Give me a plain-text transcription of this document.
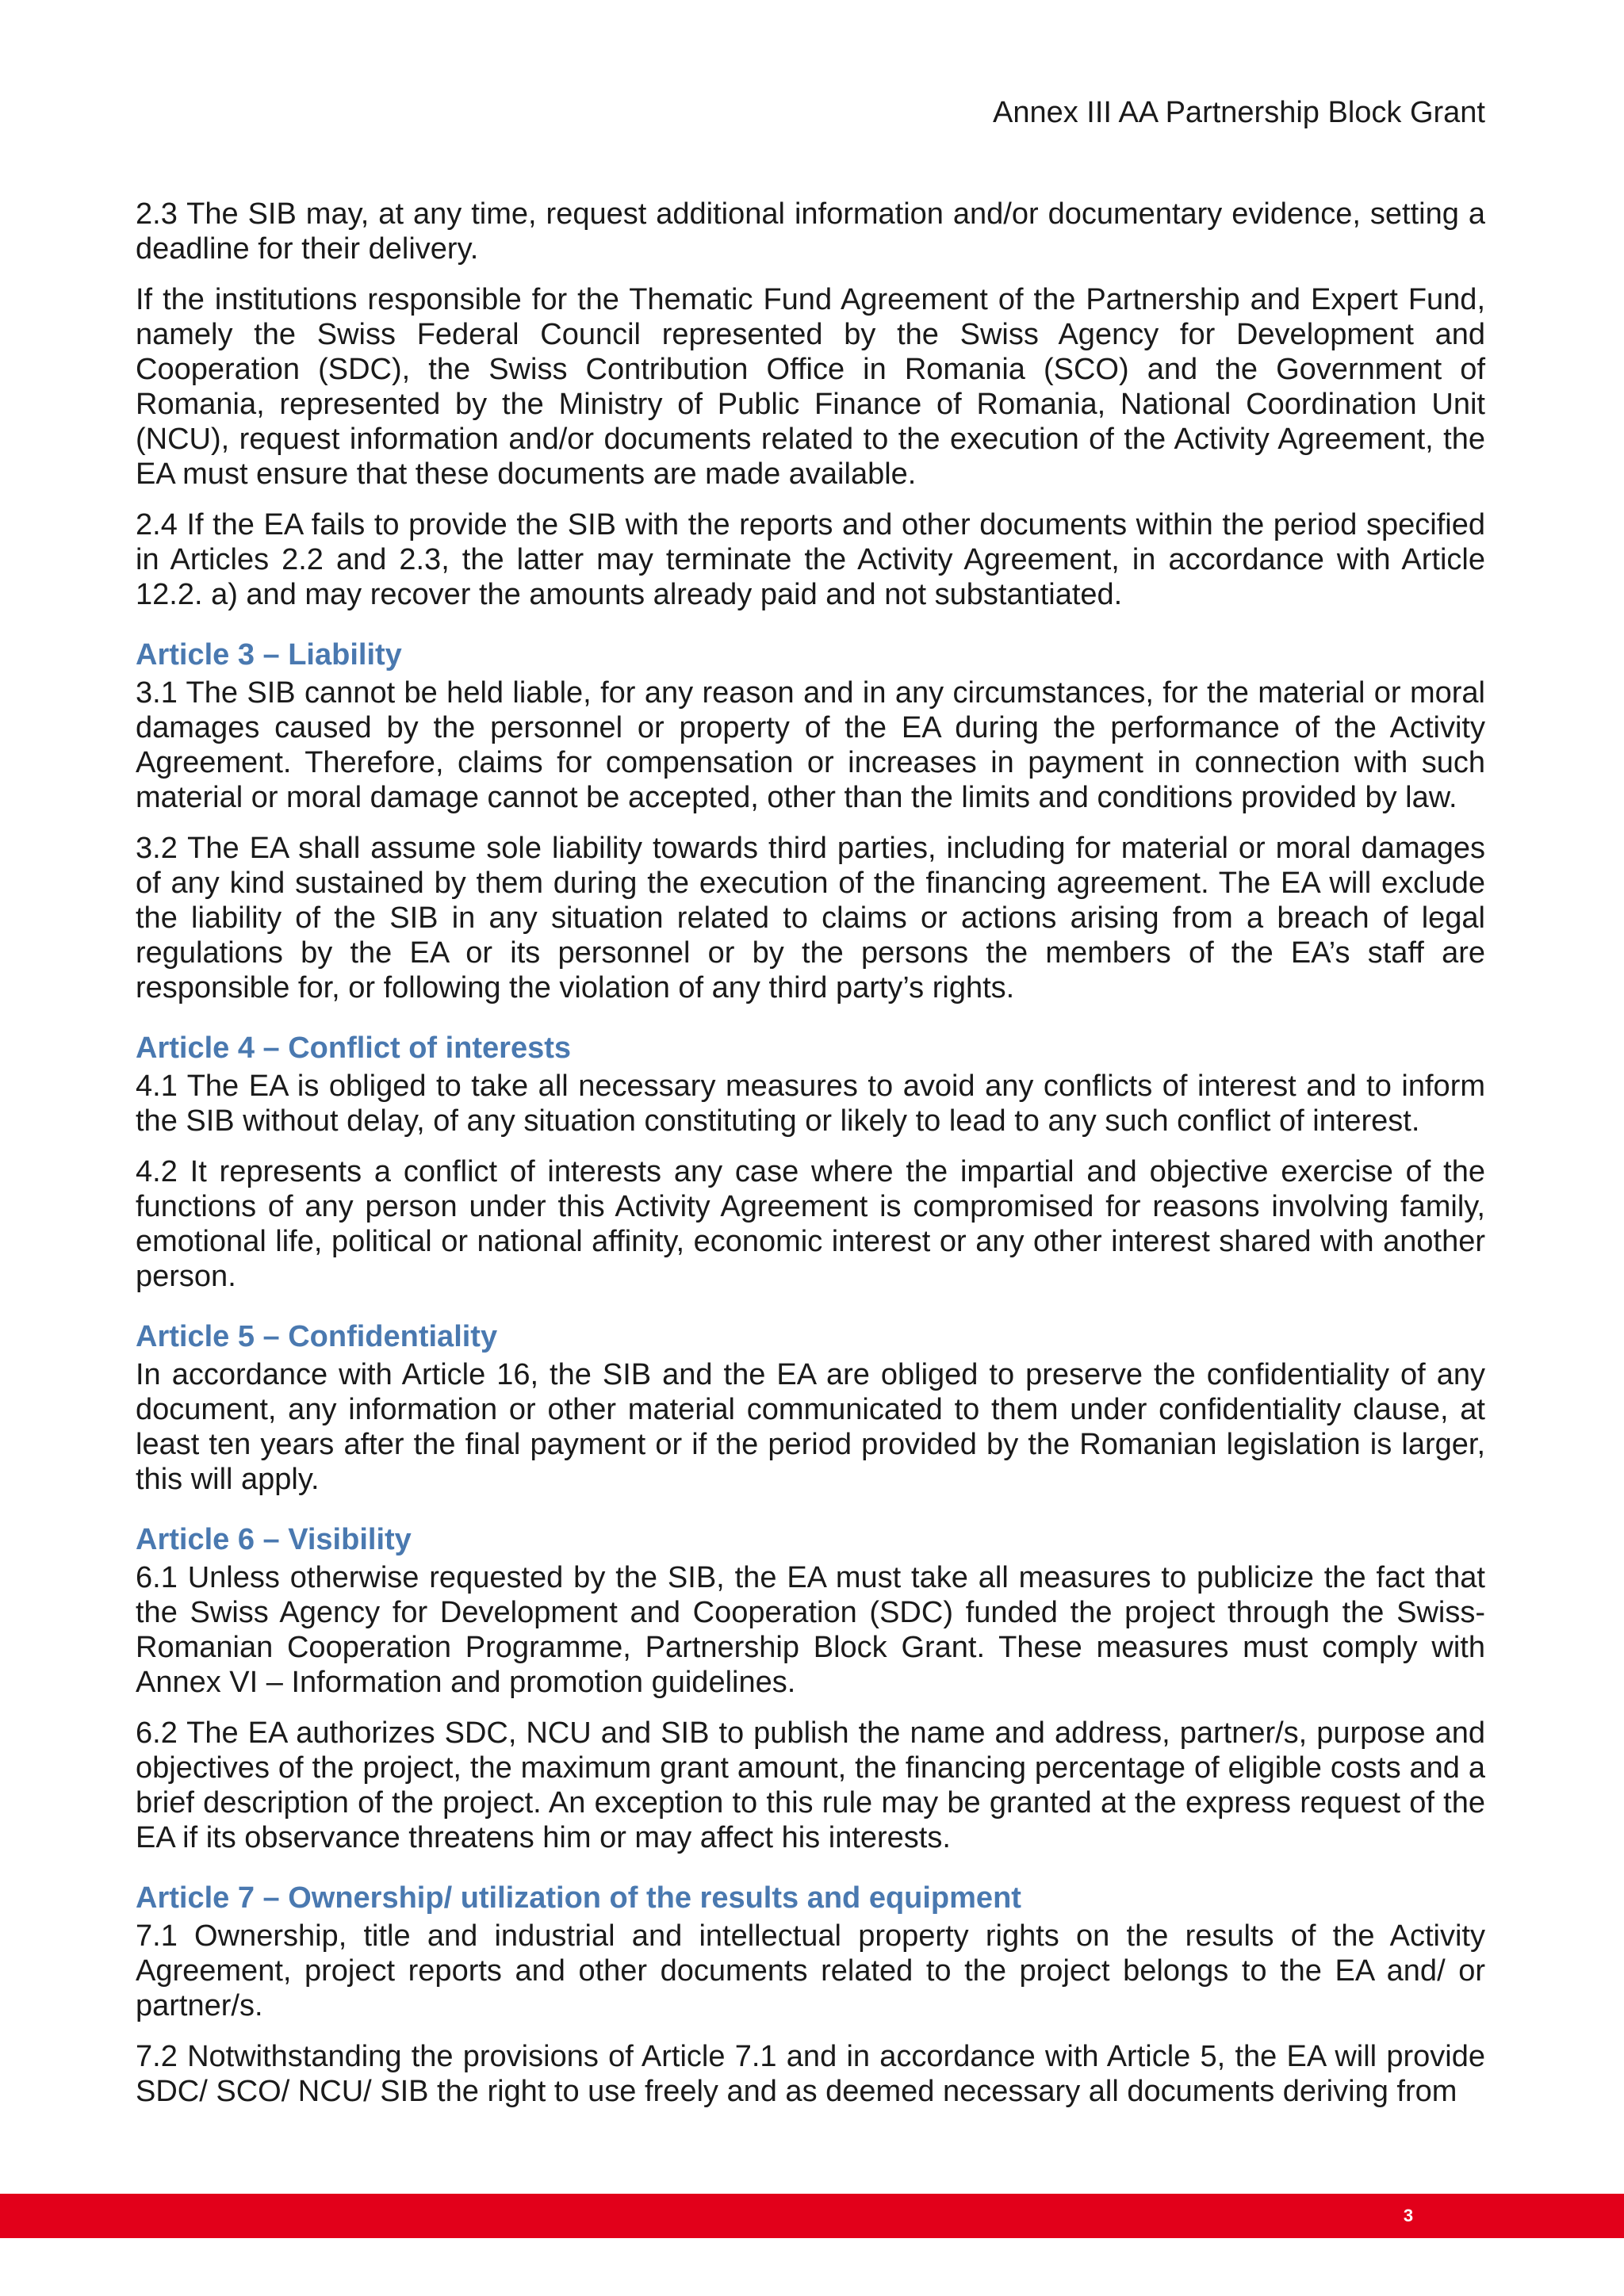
Annex III AA Partnership Block Grant

2.3 The SIB may, at any time, request additional information and/or documentary evidence, setting a deadline for their delivery.

If the institutions responsible for the Thematic Fund Agreement of the Partnership and Expert Fund, namely the Swiss Federal Council represented by the Swiss Agency for Development and Cooperation (SDC), the Swiss Contribution Office in Romania (SCO) and the Government of Romania, represented by the Ministry of Public Finance of Romania, National Coordination Unit (NCU), request information and/or documents related to the execution of the Activity Agreement, the EA must ensure that these documents are made available.

2.4 If the EA fails to provide the SIB with the reports and other documents within the period specified in Articles 2.2 and 2.3, the latter may terminate the Activity Agreement, in accordance with Article 12.2. a) and may recover the amounts already paid and not substantiated.

Article 3 – Liability

3.1 The SIB cannot be held liable, for any reason and in any circumstances, for the material or moral damages caused by the personnel or property of the EA during the performance of the Activity Agreement. Therefore, claims for compensation or increases in payment in connection with such material or moral damage cannot be accepted, other than the limits and conditions provided by law.

3.2 The EA shall assume sole liability towards third parties, including for material or moral damages of any kind sustained by them during the execution of the financing agreement. The EA will exclude the liability of the SIB in any situation related to claims or actions arising from a breach of legal regulations by the EA or its personnel or by the persons the members of the EA’s staff are responsible for, or following the violation of any third party’s rights.

Article 4 – Conflict of interests

4.1 The EA is obliged to take all necessary measures to avoid any conflicts of interest and to inform the SIB without delay, of any situation constituting or likely to lead to any such conflict of interest.

4.2 It represents a conflict of interests any case where the impartial and objective exercise of the functions of any person under this Activity Agreement is compromised for reasons involving family, emotional life, political or national affinity, economic interest or any other interest shared with another person.

Article 5 – Confidentiality

In accordance with Article 16, the SIB and the EA are obliged to preserve the confidentiality of any document, any information or other material communicated to them under confidentiality clause, at least ten years after the final payment or if the period provided by the Romanian legislation is larger, this will apply.

Article 6 – Visibility

6.1 Unless otherwise requested by the SIB, the EA must take all measures to publicize the fact that the Swiss Agency for Development and Cooperation (SDC) funded the project through the Swiss-Romanian Cooperation Programme, Partnership Block Grant. These measures must comply with Annex VI – Information and promotion guidelines.

6.2 The EA authorizes SDC, NCU and SIB to publish the name and address, partner/s, purpose and objectives of the project, the maximum grant amount, the financing percentage of eligible costs and a brief description of the project. An exception to this rule may be granted at the express request of the EA if its observance threatens him or may affect his interests.

Article 7 – Ownership/ utilization of the results and equipment

7.1 Ownership, title and industrial and intellectual property rights on the results of the Activity Agreement, project reports and other documents related to the project belongs to the EA and/ or partner/s.

7.2 Notwithstanding the provisions of Article 7.1 and in accordance with Article 5, the EA will provide SDC/ SCO/ NCU/ SIB the right to use freely and as deemed necessary all documents deriving from

3
